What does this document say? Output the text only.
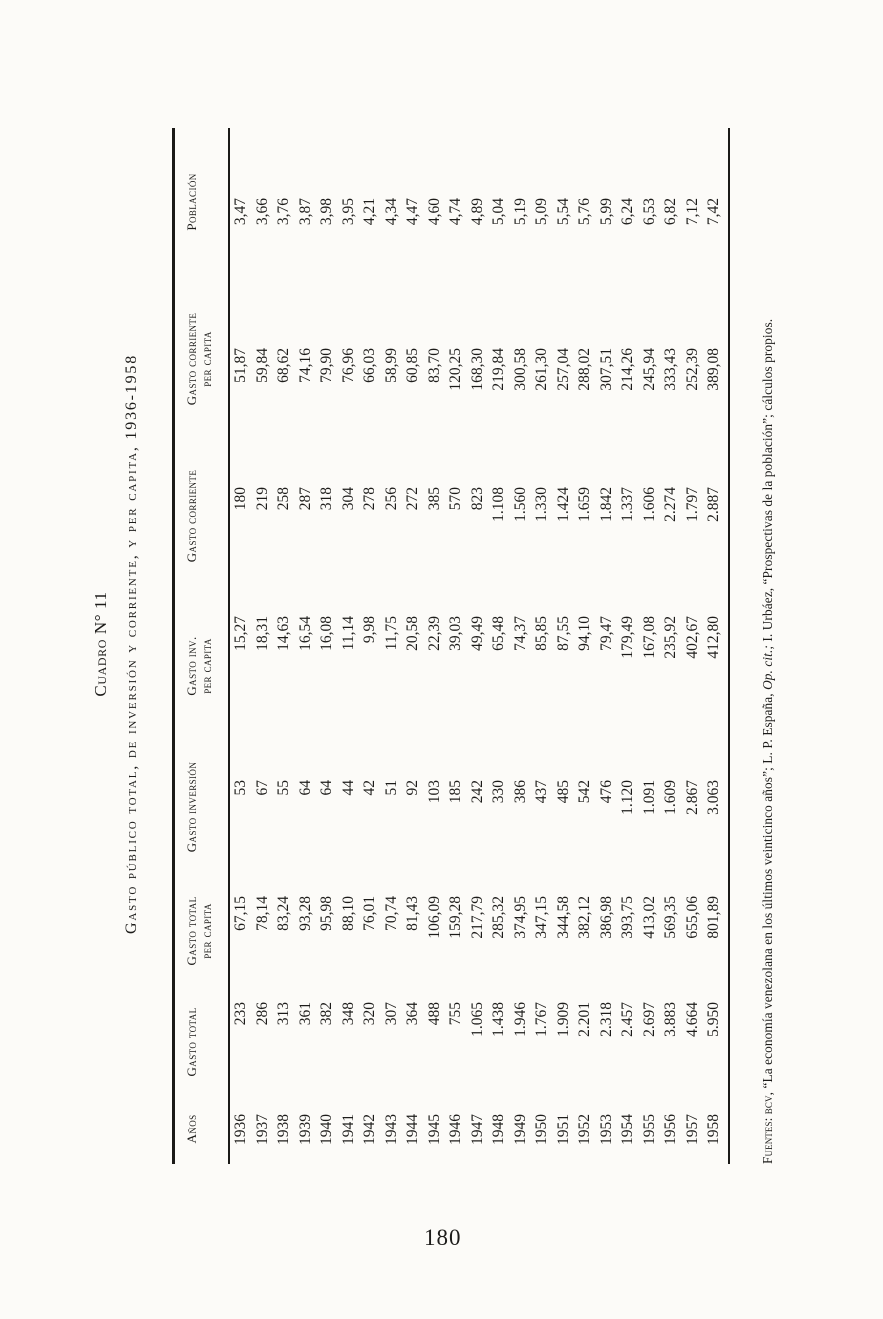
Cuadro N° 11 Gasto público total, de inversión y corriente, y per capita, 1936-1958
Años	Gasto total	Gasto total per capita	Gasto inversión	Gasto inv. per capita	Gasto corriente	Gasto corriente per capita	Población

1936	233	67,15	53	15,27	180	51,87	3,47
1937	286	78,14	67	18,31	219	59,84	3,66
1938	313	83,24	55	14,63	258	68,62	3,76
1939	361	93,28	64	16,54	287	74,16	3,87
1940	382	95,98	64	16,08	318	79,90	3,98
1941	348	88,10	44	11,14	304	76,96	3,95
1942	320	76,01	42	9,98	278	66,03	4,21
1943	307	70,74	51	11,75	256	58,99	4,34
1944	364	81,43	92	20,58	272	60,85	4,47
1945	488	106,09	103	22,39	385	83,70	4,60
1946	755	159,28	185	39,03	570	120,25	4,74
1947	1.065	217,79	242	49,49	823	168,30	4,89
1948	1.438	285,32	330	65,48	1.108	219,84	5,04
1949	1.946	374,95	386	74,37	1.560	300,58	5,19
1950	1.767	347,15	437	85,85	1.330	261,30	5,09
1951	1.909	344,58	485	87,55	1.424	257,04	5,54
1952	2.201	382,12	542	94,10	1.659	288,02	5,76
1953	2.318	386,98	476	79,47	1.842	307,51	5,99
1954	2.457	393,75	1.120	179,49	1.337	214,26	6,24
1955	2.697	413,02	1.091	167,08	1.606	245,94	6,53
1956	3.883	569,35	1.609	235,92	2.274	333,43	6,82
1957	4.664	655,06	2.867	402,67	1.797	252,39	7,12
1958	5.950	801,89	3.063	412,80	2.887	389,08	7,42
Fuentes: bcv, “La economía venezolana en los últimos veinticinco años”; L. P. España, Op. cit.; I. Urbáez, “Prospectivas de la población”; cálculos propios.
180
